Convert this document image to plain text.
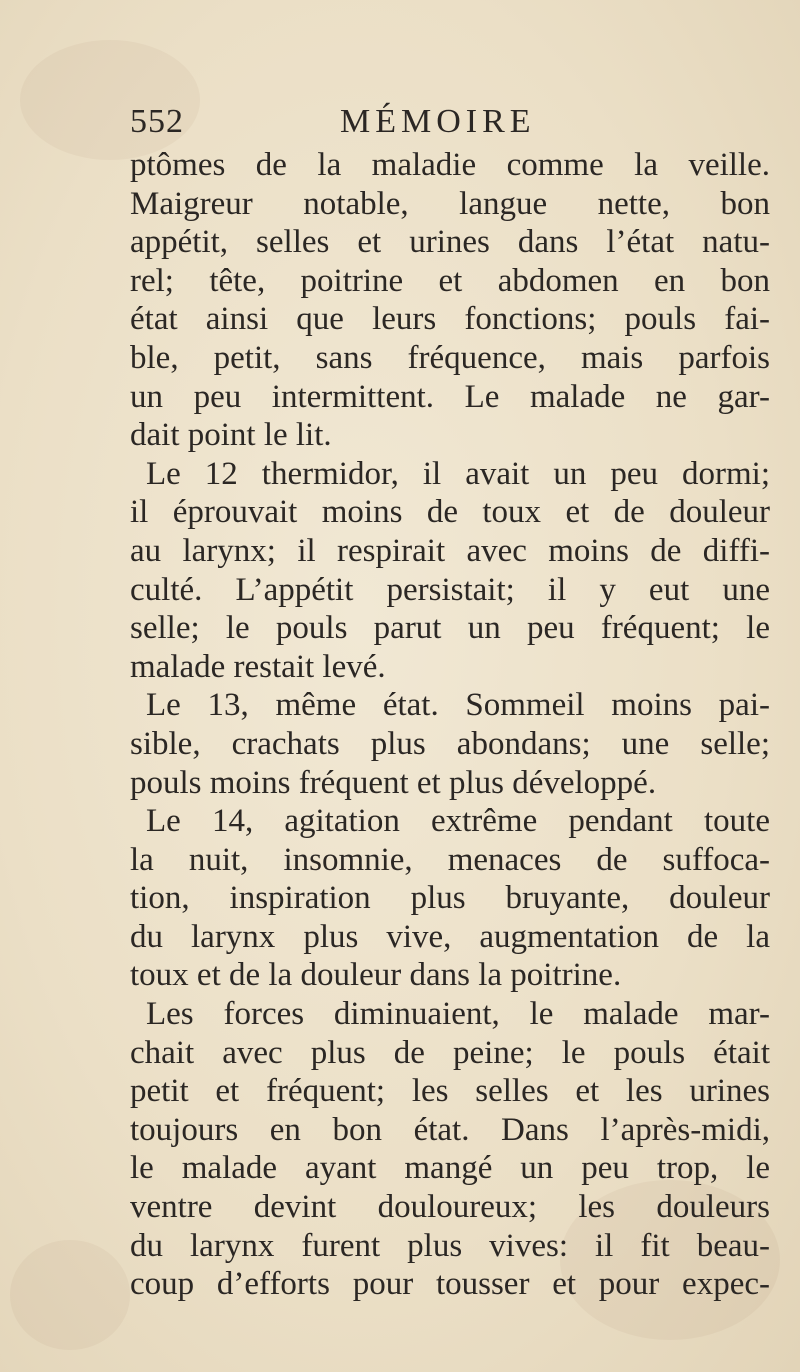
552	MÉMOIRE
ptômes de la maladie comme la veille.
Maigreur notable, langue nette, bon
appétit, selles et urines dans l’état natu-
rel; tête, poitrine et abdomen en bon
état ainsi que leurs fonctions; pouls fai-
ble, petit, sans fréquence, mais parfois
un peu intermittent. Le malade ne gar-
dait point le lit.
Le 12 thermidor, il avait un peu dormi;
il éprouvait moins de toux et de douleur
au larynx; il respirait avec moins de diffi-
culté. L’appétit persistait; il y eut une
selle; le pouls parut un peu fréquent; le
malade restait levé.
Le 13, même état. Sommeil moins pai-
sible, crachats plus abondans; une selle;
pouls moins fréquent et plus développé.
Le 14, agitation extrême pendant toute
la nuit, insomnie, menaces de suffoca-
tion, inspiration plus bruyante, douleur
du larynx plus vive, augmentation de la
toux et de la douleur dans la poitrine.
Les forces diminuaient, le malade mar-
chait avec plus de peine; le pouls était
petit et fréquent; les selles et les urines
toujours en bon état. Dans l’après-midi,
le malade ayant mangé un peu trop, le
ventre devint douloureux; les douleurs
du larynx furent plus vives: il fit beau-
coup d’efforts pour tousser et pour expec-
